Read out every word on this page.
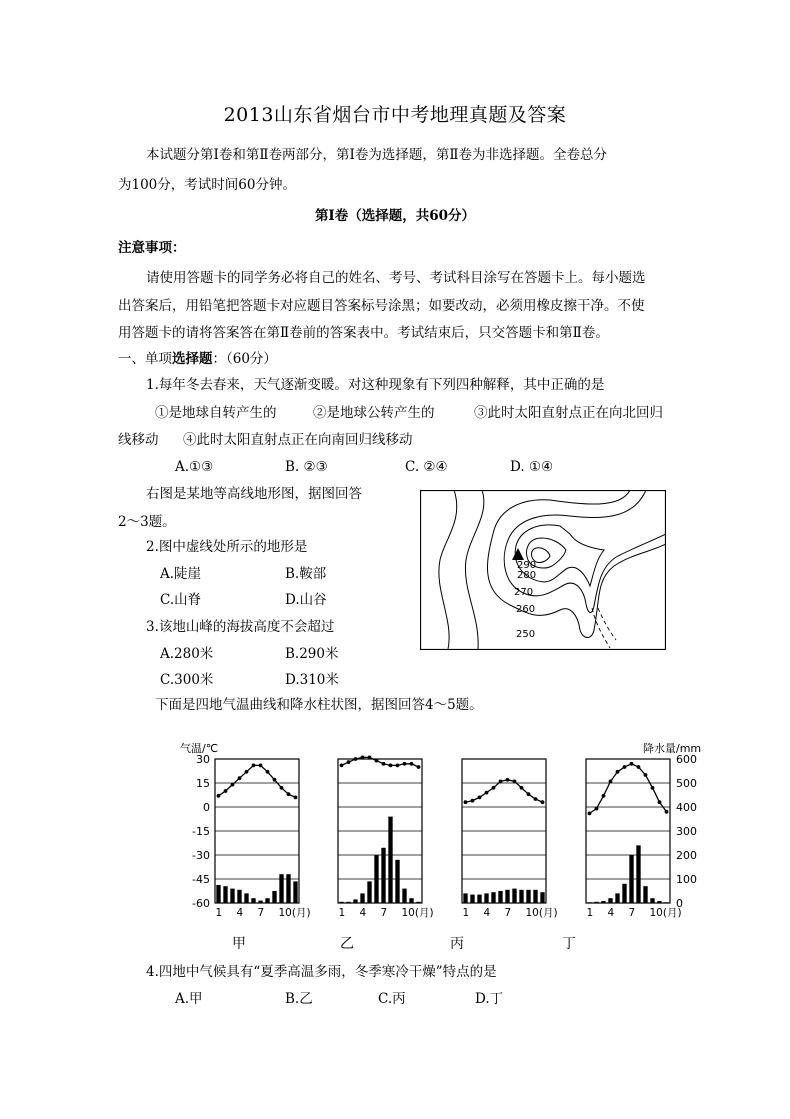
2013山东省烟台市中考地理真题及答案
本试题分第Ⅰ卷和第Ⅱ卷两部分，第Ⅰ卷为选择题，第Ⅱ卷为非选择题。全卷总分
为100分，考试时间60分钟。
第Ⅰ卷（选择题，共60分）
注意事项：
请使用答题卡的同学务必将自己的姓名、考号、考试科目涂写在答题卡上。每小题选
出答案后，用铅笔把答题卡对应题目答案标号涂黑；如要改动，必须用橡皮擦干净。不使
用答题卡的请将答案答在第Ⅱ卷前的答案表中。考试结束后，只交答题卡和第Ⅱ卷。
一、单项选择题：（60分）
1.每年冬去春来，天气逐渐变暖。对这种现象有下列四种解释，其中正确的是
①是地球自转产生的	②是地球公转产生的	③此时太阳直射点正在向北回归
线移动 ④此时太阳直射点正在向南回归线移动
A.①③	B. ②③	C. ②④	D. ①④
右图是某地等高线地形图，据图回答
2～3题。
2.图中虚线处所示的地形是
A.陡崖	B.鞍部
C.山脊	D.山谷
3.该地山峰的海拔高度不会超过
A.280米	B.290米
C.300米	D.310米
290
280
270
260
250
下面是四地气温曲线和降水柱状图，据图回答4～5题。
气温/℃	降水量/mm
30
15
0
-15
-30
-45
-60
600
500
400
300
200
100
0
1 4 7 10(月)
甲
1 4 7 10(月)
乙
1 4 7 10(月)
丙
1 4 7 10(月)
丁
4.四地中气候具有“夏季高温多雨，冬季寒冷干燥”特点的是
A.甲	B.乙	C.丙	D.丁
